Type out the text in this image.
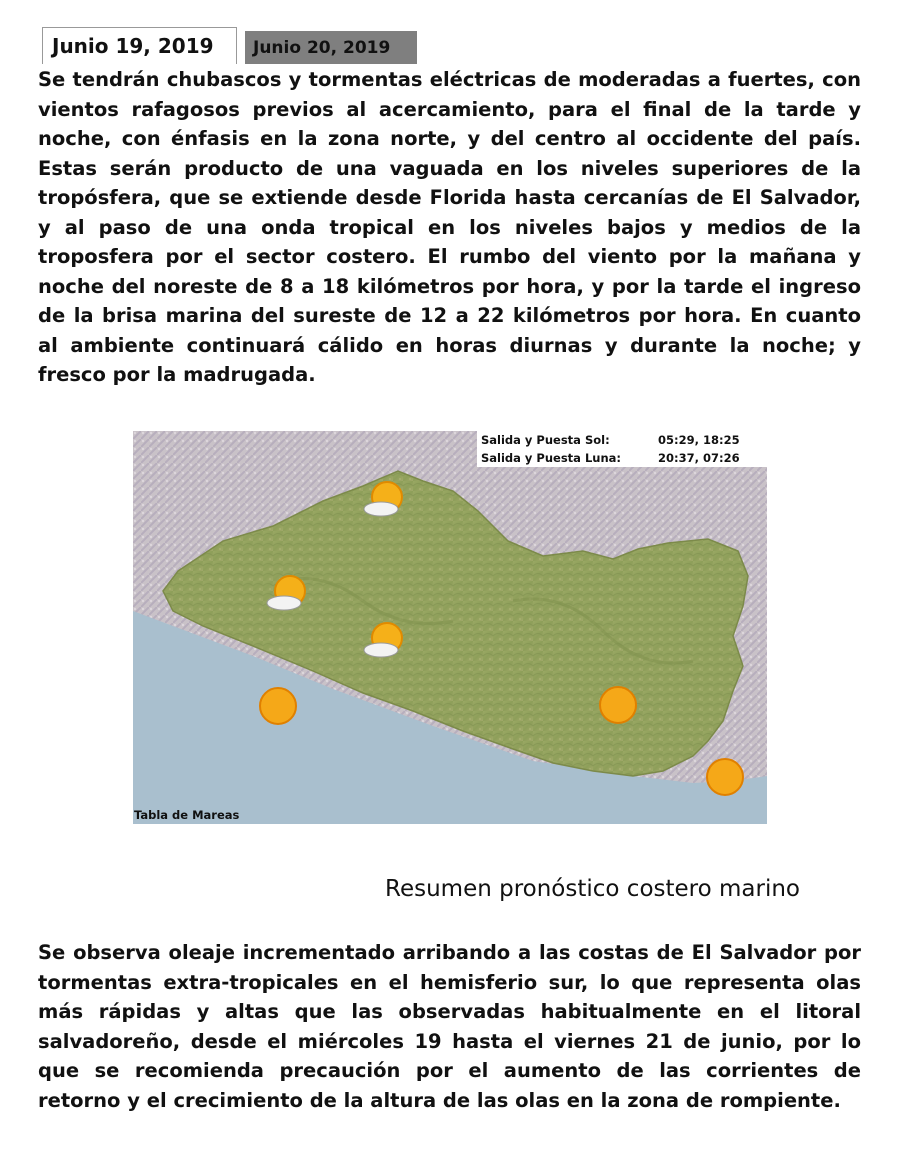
Junio 19, 2019 Junio 20, 2019

Se tendrán chubascos y tormentas eléctricas de moderadas a fuertes, con vientos rafagosos previos al acercamiento, para el final de la tarde y noche, con énfasis en la zona norte, y del centro al occidente del país. Estas serán producto de una vaguada en los niveles superiores de la tropósfera, que se extiende desde Florida hasta cercanías de El Salvador, y al paso de una onda tropical en los niveles bajos y medios de la troposfera por el sector costero. El rumbo del viento por la mañana y noche del noreste de 8 a 18 kilómetros por hora, y por la tarde el ingreso de la brisa marina del sureste de 12 a 22 kilómetros por hora. En cuanto al ambiente continuará cálido en horas diurnas y durante la noche; y fresco por la madrugada.

Salida y Puesta Sol:	05:29, 18:25
Salida y Puesta Luna:	20:37, 07:26
Tabla de Mareas
Resumen pronóstico costero marino

Se observa oleaje incrementado arribando a las costas de El Salvador por tormentas extra-tropicales en el hemisferio sur, lo que representa olas más rápidas y altas que las observadas habitualmente en el litoral salvadoreño, desde el miércoles 19 hasta el viernes 21 de junio, por lo que se recomienda precaución por el aumento de las corrientes de retorno y el crecimiento de la altura de las olas en la zona de rompiente.
